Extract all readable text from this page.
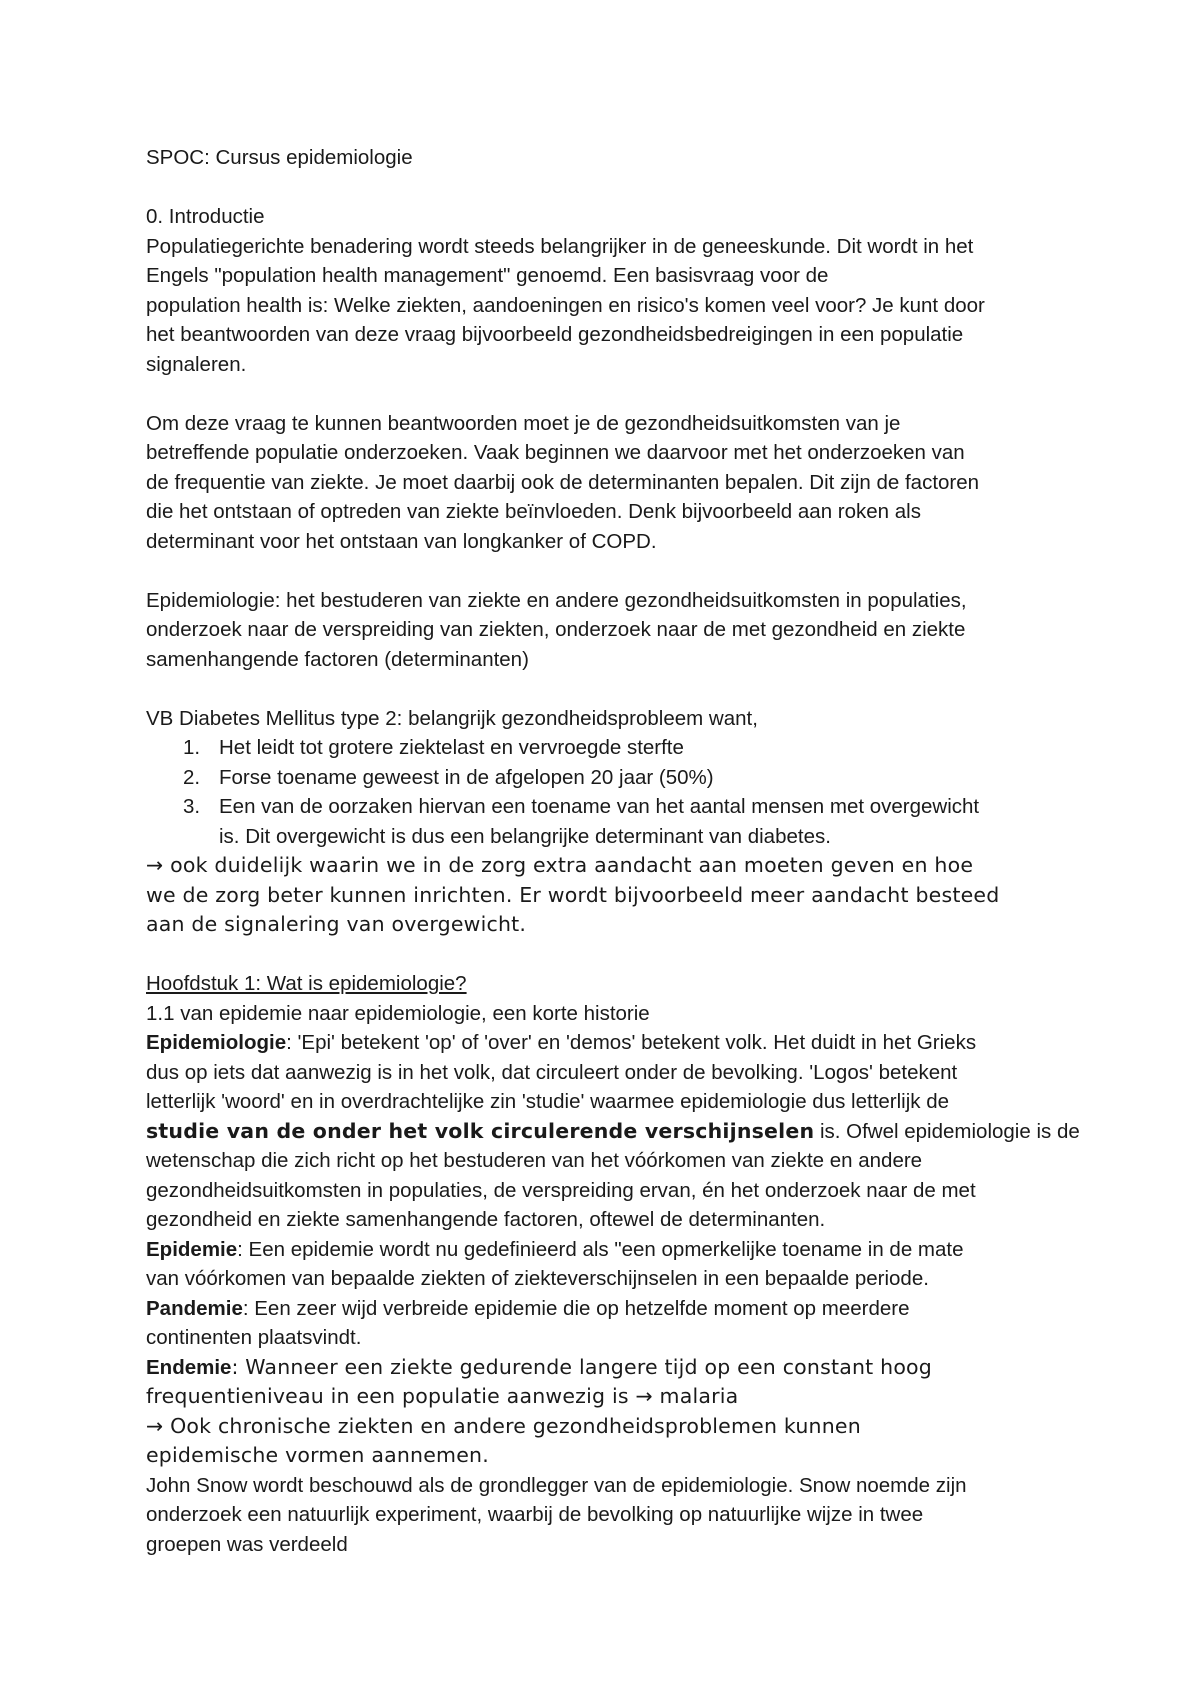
SPOC: Cursus epidemiologie
0. Introductie
Populatiegerichte benadering wordt steeds belangrijker in de geneeskunde. Dit wordt in het
Engels "population health management" genoemd. Een basisvraag voor de
population health is: Welke ziekten, aandoeningen en risico's komen veel voor? Je kunt door
het beantwoorden van deze vraag bijvoorbeeld gezondheidsbedreigingen in een populatie
signaleren.
Om deze vraag te kunnen beantwoorden moet je de gezondheidsuitkomsten van je
betreffende populatie onderzoeken. Vaak beginnen we daarvoor met het onderzoeken van
de frequentie van ziekte. Je moet daarbij ook de determinanten bepalen. Dit zijn de factoren
die het ontstaan of optreden van ziekte beïnvloeden. Denk bijvoorbeeld aan roken als
determinant voor het ontstaan van longkanker of COPD.
Epidemiologie: het bestuderen van ziekte en andere gezondheidsuitkomsten in populaties,
onderzoek naar de verspreiding van ziekten, onderzoek naar de met gezondheid en ziekte
samenhangende factoren (determinanten)
VB Diabetes Mellitus type 2: belangrijk gezondheidsprobleem want,
1. Het leidt tot grotere ziektelast en vervroegde sterfte
2. Forse toename geweest in de afgelopen 20 jaar (50%)
3. Een van de oorzaken hiervan een toename van het aantal mensen met overgewicht
is. Dit overgewicht is dus een belangrijke determinant van diabetes.
→ ook duidelijk waarin we in de zorg extra aandacht aan moeten geven en hoe
we de zorg beter kunnen inrichten. Er wordt bijvoorbeeld meer aandacht besteed
aan de signalering van overgewicht.
Hoofdstuk 1: Wat is epidemiologie?
1.1 van epidemie naar epidemiologie, een korte historie
Epidemiologie: 'Epi' betekent 'op' of 'over' en 'demos' betekent volk. Het duidt in het Grieks
dus op iets dat aanwezig is in het volk, dat circuleert onder de bevolking. 'Logos' betekent
letterlijk 'woord' en in overdrachtelijke zin 'studie' waarmee epidemiologie dus letterlijk de
studie van de onder het volk circulerende verschijnselen is. Ofwel epidemiologie is de
wetenschap die zich richt op het bestuderen van het vóórkomen van ziekte en andere
gezondheidsuitkomsten in populaties, de verspreiding ervan, én het onderzoek naar de met
gezondheid en ziekte samenhangende factoren, oftewel de determinanten.
Epidemie: Een epidemie wordt nu gedefinieerd als "een opmerkelijke toename in de mate
van vóórkomen van bepaalde ziekten of ziekteverschijnselen in een bepaalde periode.
Pandemie: Een zeer wijd verbreide epidemie die op hetzelfde moment op meerdere
continenten plaatsvindt.
Endemie: Wanneer een ziekte gedurende langere tijd op een constant hoog
frequentieniveau in een populatie aanwezig is → malaria
→ Ook chronische ziekten en andere gezondheidsproblemen kunnen
epidemische vormen aannemen.
John Snow wordt beschouwd als de grondlegger van de epidemiologie. Snow noemde zijn
onderzoek een natuurlijk experiment, waarbij de bevolking op natuurlijke wijze in twee
groepen was verdeeld
